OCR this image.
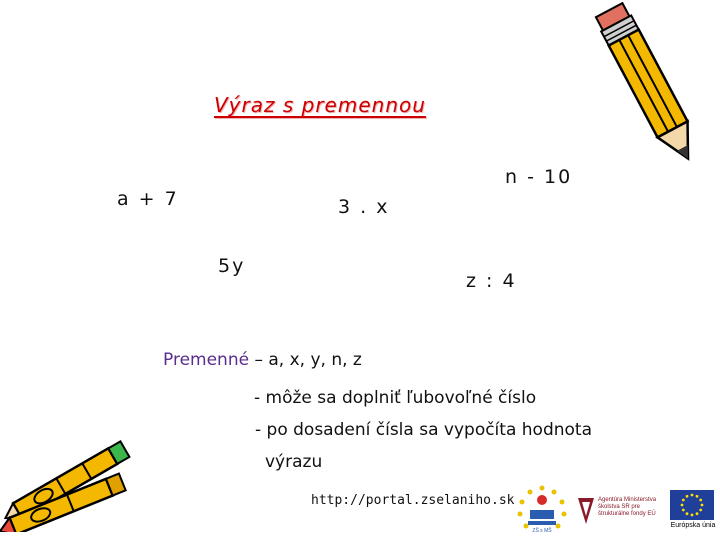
Výraz s premennou
a + 7	3 . x
n - 10
5y
z : 4
Premenné – a, x, y, n, z
- môže sa doplniť ľubovoľné číslo
- po dosadení čísla sa vypočíta hodnota
výrazu
http://portal.zselaniho.sk
ZŠ s MŠ
Agentúra Ministerstva školstva SR pre štrukturálne fondy EÚ
Európska únia
